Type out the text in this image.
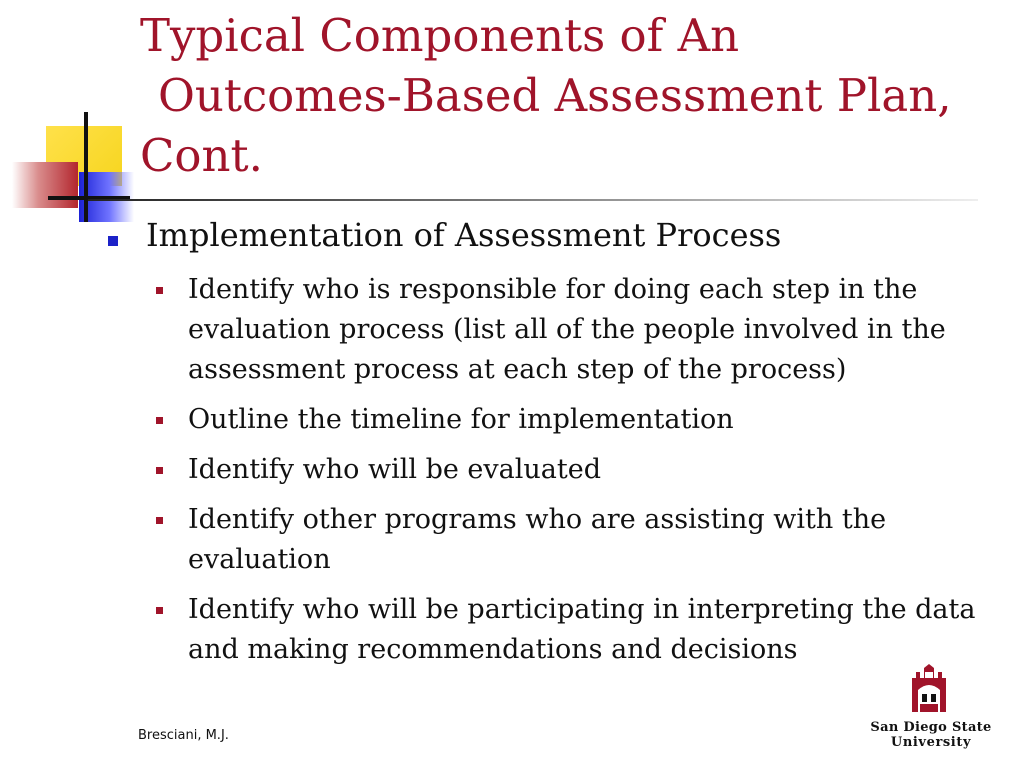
Typical Components of An
Outcomes-Based Assessment Plan,
Cont.
Implementation of Assessment Process
Identify who is responsible for doing each step in the evaluation process (list all of the people involved in the assessment process at each step of the process)
Outline the timeline for implementation
Identify who will be evaluated
Identify other programs who are assisting with the evaluation
Identify who will be participating in interpreting the data and making recommendations and decisions
Bresciani, M.J.
San Diego State
University
